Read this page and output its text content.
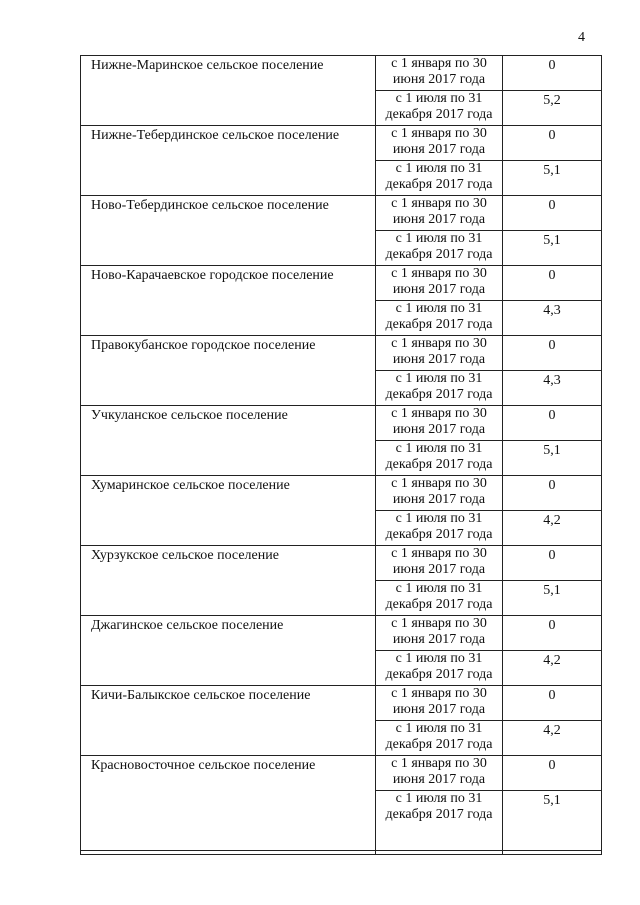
4
Нижне-Маринское сельское поселение	с 1 января по 30 июня 2017 года	0
	с 1 июля по 31 декабря 2017 года	5,2
Нижне-Тебердинское сельское поселение	с 1 января по 30 июня 2017 года	0
	с 1 июля по 31 декабря 2017 года	5,1
Ново-Тебердинское сельское поселение	с 1 января по 30 июня 2017 года	0
	с 1 июля по 31 декабря 2017 года	5,1
Ново-Карачаевское городское поселение	с 1 января по 30 июня 2017 года	0
	с 1 июля по 31 декабря 2017 года	4,3
Правокубанское городское поселение	с 1 января по 30 июня 2017 года	0
	с 1 июля по 31 декабря 2017 года	4,3
Учкуланское сельское поселение	с 1 января по 30 июня 2017 года	0
	с 1 июля по 31 декабря 2017 года	5,1
Хумаринское сельское поселение	с 1 января по 30 июня 2017 года	0
	с 1 июля по 31 декабря 2017 года	4,2
Хурзукское сельское поселение	с 1 января по 30 июня 2017 года	0
	с 1 июля по 31 декабря 2017 года	5,1
Джагинское сельское поселение	с 1 января по 30 июня 2017 года	0
	с 1 июля по 31 декабря 2017 года	4,2
Кичи-Балыкское сельское поселение	с 1 января по 30 июня 2017 года	0
	с 1 июля по 31 декабря 2017 года	4,2
Красновосточное сельское поселение	с 1 января по 30 июня 2017 года	0
	с 1 июля по 31 декабря 2017 года	5,1
